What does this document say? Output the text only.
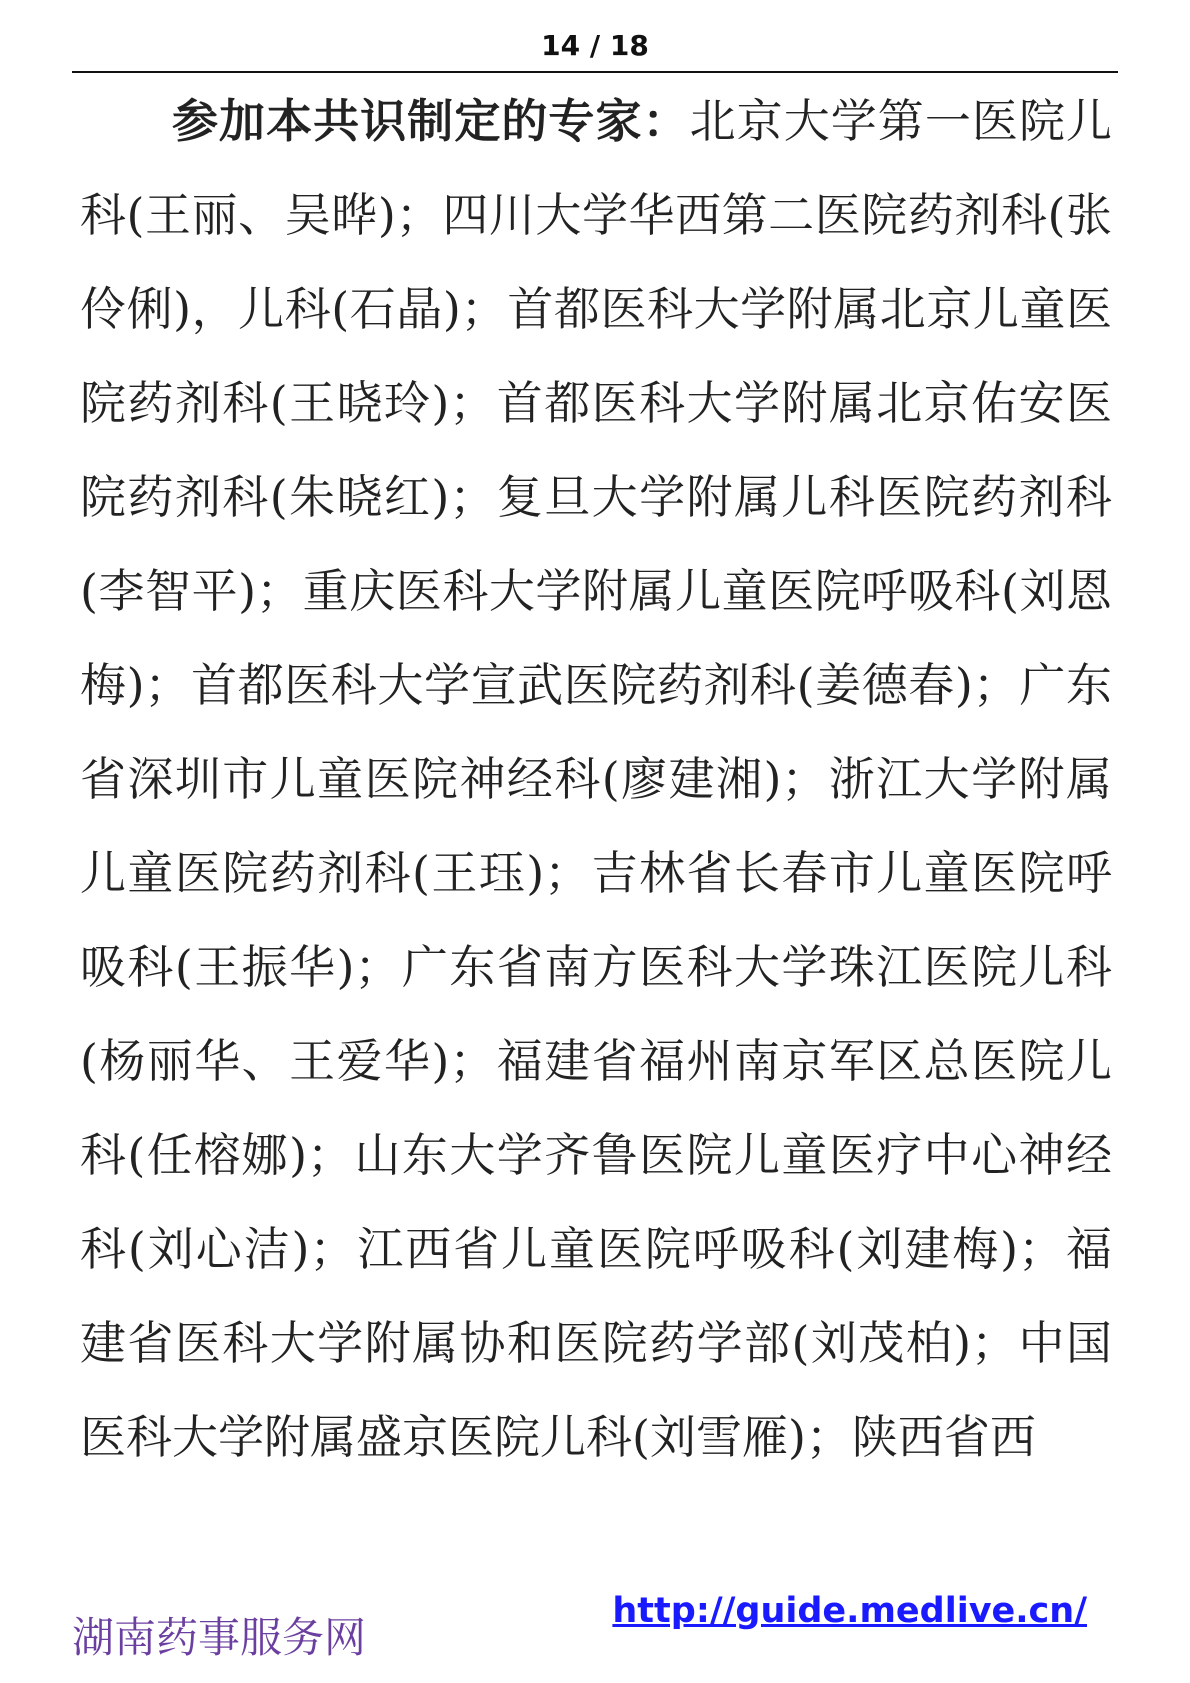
14 / 18

参加本共识制定的专家：北京大学第一医院儿科(王丽、吴晔)；四川大学华西第二医院药剂科(张伶俐)，儿科(石晶)；首都医科大学附属北京儿童医院药剂科(王晓玲)；首都医科大学附属北京佑安医院药剂科(朱晓红)；复旦大学附属儿科医院药剂科(李智平)；重庆医科大学附属儿童医院呼吸科(刘恩梅)；首都医科大学宣武医院药剂科(姜德春)；广东省深圳市儿童医院神经科(廖建湘)；浙江大学附属儿童医院药剂科(王珏)；吉林省长春市儿童医院呼吸科(王振华)；广东省南方医科大学珠江医院儿科(杨丽华、王爱华)；福建省福州南京军区总医院儿科(任榕娜)；山东大学齐鲁医院儿童医疗中心神经科(刘心洁)；江西省儿童医院呼吸科(刘建梅)；福建省医科大学附属协和医院药学部(刘茂柏)；中国医科大学附属盛京医院儿科(刘雪雁)；陕西省西

湖南药事服务网
http://guide.medlive.cn/
